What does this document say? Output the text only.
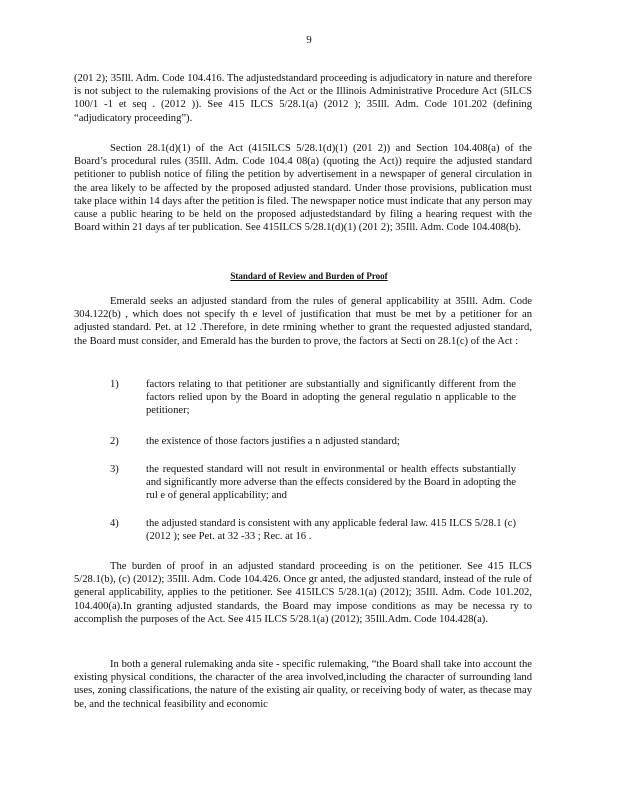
9
(201 2); 35Ill. Adm. Code 104.416. The adjustedstandard proceeding is adjudicatory in nature and therefore is not subject to the rulemaking provisions of the Act or the Illinois Administrative Procedure Act (5ILCS 100/1 -1 et seq . (2012 )). See 415 ILCS 5/28.1(a) (2012 ); 35Ill. Adm. Code 101.202 (defining “adjudicatory proceeding”).
Section 28.1(d)(1) of the Act (415ILCS 5/28.1(d)(1) (201 2)) and Section 104.408(a) of the Board’s procedural rules (35Ill. Adm. Code 104.4 08(a) (quoting the Act)) require the adjusted standard petitioner to publish notice of filing the petition by advertisement in a newspaper of general circulation in the area likely to be affected by the proposed adjusted standard. Under those provisions, publication must take place within 14 days after the petition is filed. The newspaper notice must indicate that any person may cause a public hearing to be held on the proposed adjustedstandard by filing a hearing request with the Board within 21 days af ter publication. See 415ILCS 5/28.1(d)(1) (201 2); 35Ill. Adm. Code 104.408(b).
Standard of Review and Burden of Proof
Emerald seeks an adjusted standard from the rules of general applicability at 35Ill. Adm. Code 304.122(b) , which does not specify th e level of justification that must be met by a petitioner for an adjusted standard. Pet. at 12 .Therefore, in dete rmining whether to grant the requested adjusted standard, the Board must consider, and Emerald has the burden to prove, the factors at Secti on 28.1(c) of the Act :
1)	factors relating to that petitioner are substantially and significantly different from the factors relied upon by the Board in adopting the general regulatio n applicable to the petitioner;
2)	the existence of those factors justifies a n adjusted standard;
3)	the requested standard will not result in environmental or health effects substantially and significantly more adverse than the effects considered by the Board in adopting the rul e of general applicability; and
4)	the adjusted standard is consistent with any applicable federal law. 415 ILCS 5/28.1 (c) (2012 ); see Pet. at 32 -33 ; Rec. at 16 .
The burden of proof in an adjusted standard proceeding is on the petitioner. See 415 ILCS 5/28.1(b), (c) (2012); 35Ill. Adm. Code 104.426. Once gr anted, the adjusted standard, instead of the rule of general applicability, applies to the petitioner. See 415ILCS 5/28.1(a) (2012); 35Ill. Adm. Code 101.202, 104.400(a).In granting adjusted standards, the Board may impose conditions as may be necessa ry to accomplish the purposes of the Act. See 415 ILCS 5/28.1(a) (2012); 35Ill.Adm. Code 104.428(a).
In both a general rulemaking anda site - specific rulemaking, “the Board shall take into account the existing physical conditions, the character of the area involved,including the character of surrounding land uses, zoning classifications, the nature of the existing air quality, or receiving body of water, as thecase may be, and the technical feasibility and economic
